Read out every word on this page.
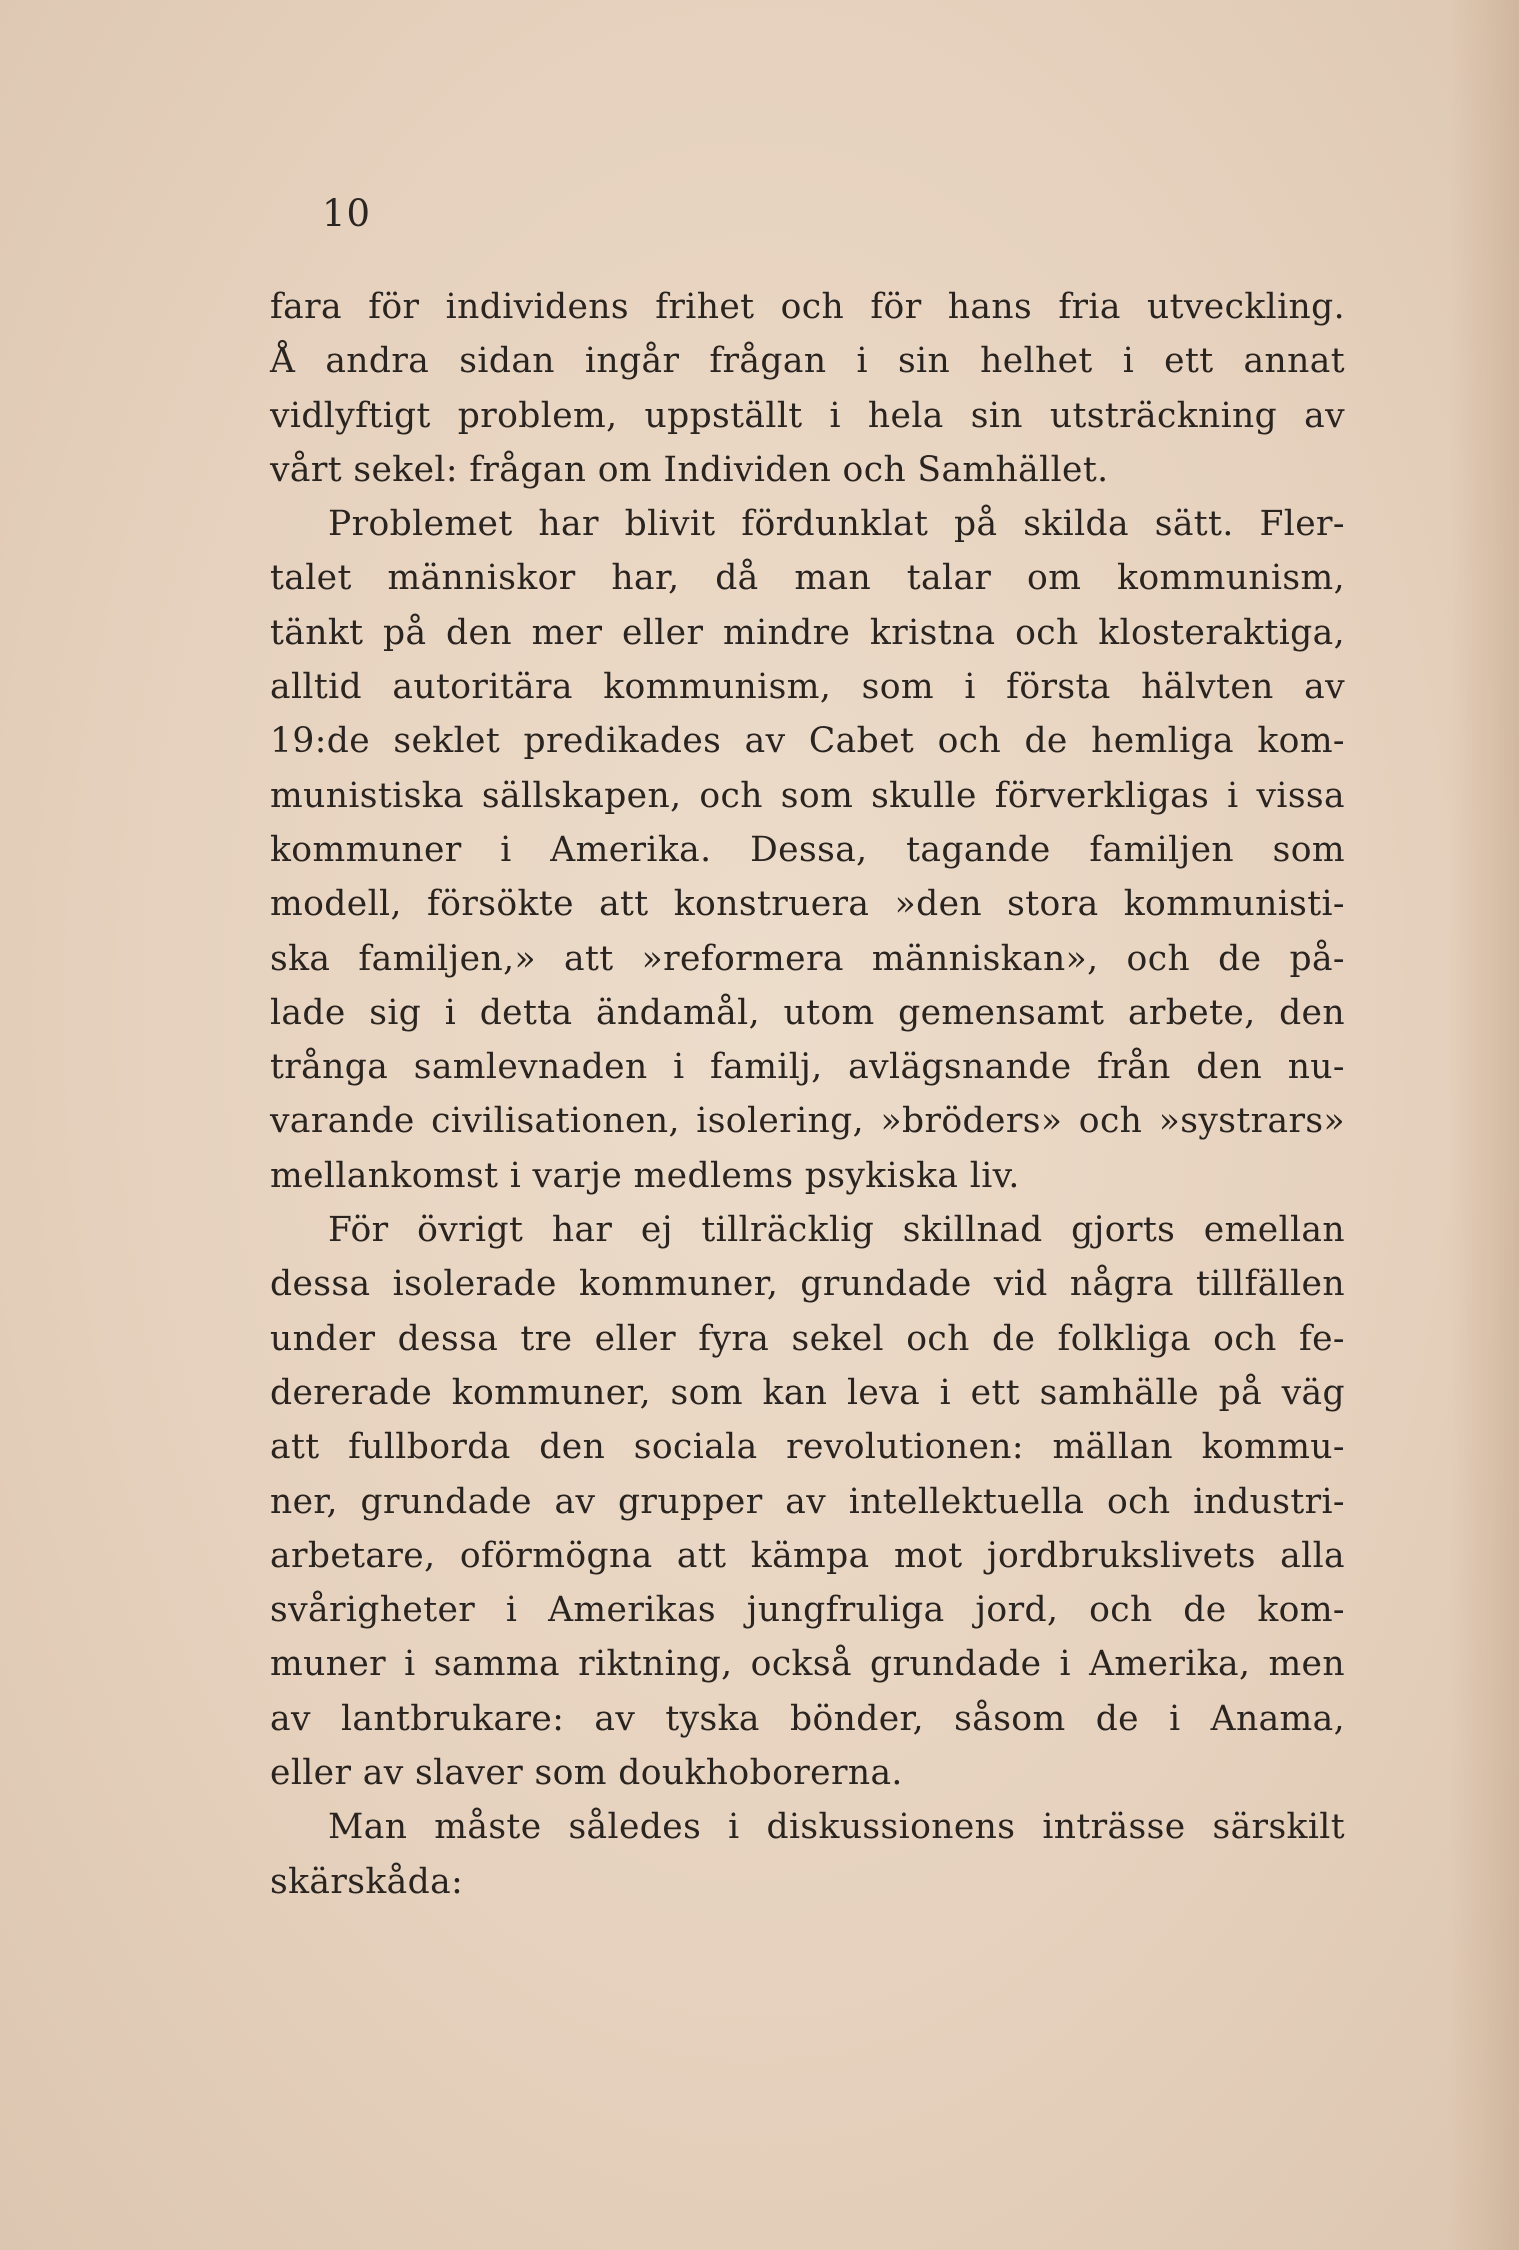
10

fara för individens frihet och för hans fria utveckling.
Å andra sidan ingår frågan i sin helhet i ett annat
vidlyftigt problem, uppställt i hela sin utsträckning av
vårt sekel: frågan om Individen och Samhället.
Problemet har blivit fördunklat på skilda sätt. Fler-
talet människor har, då man talar om kommunism,
tänkt på den mer eller mindre kristna och klosteraktiga,
alltid autoritära kommunism, som i första hälvten av
19:de seklet predikades av Cabet och de hemliga kom-
munistiska sällskapen, och som skulle förverkligas i vissa
kommuner i Amerika. Dessa, tagande familjen som
modell, försökte att konstruera »den stora kommunisti-
ska familjen,» att »reformera människan», och de på-
lade sig i detta ändamål, utom gemensamt arbete, den
trånga samlevnaden i familj, avlägsnande från den nu-
varande civilisationen, isolering, »bröders» och »systrars»
mellankomst i varje medlems psykiska liv.
För övrigt har ej tillräcklig skillnad gjorts emellan
dessa isolerade kommuner, grundade vid några tillfällen
under dessa tre eller fyra sekel och de folkliga och fe-
dererade kommuner, som kan leva i ett samhälle på väg
att fullborda den sociala revolutionen: mällan kommu-
ner, grundade av grupper av intellektuella och industri-
arbetare, oförmögna att kämpa mot jordbrukslivets alla
svårigheter i Amerikas jungfruliga jord, och de kom-
muner i samma riktning, också grundade i Amerika, men
av lantbrukare: av tyska bönder, såsom de i Anama,
eller av slaver som doukhoborerna.
Man måste således i diskussionens inträsse särskilt
skärskåda:
